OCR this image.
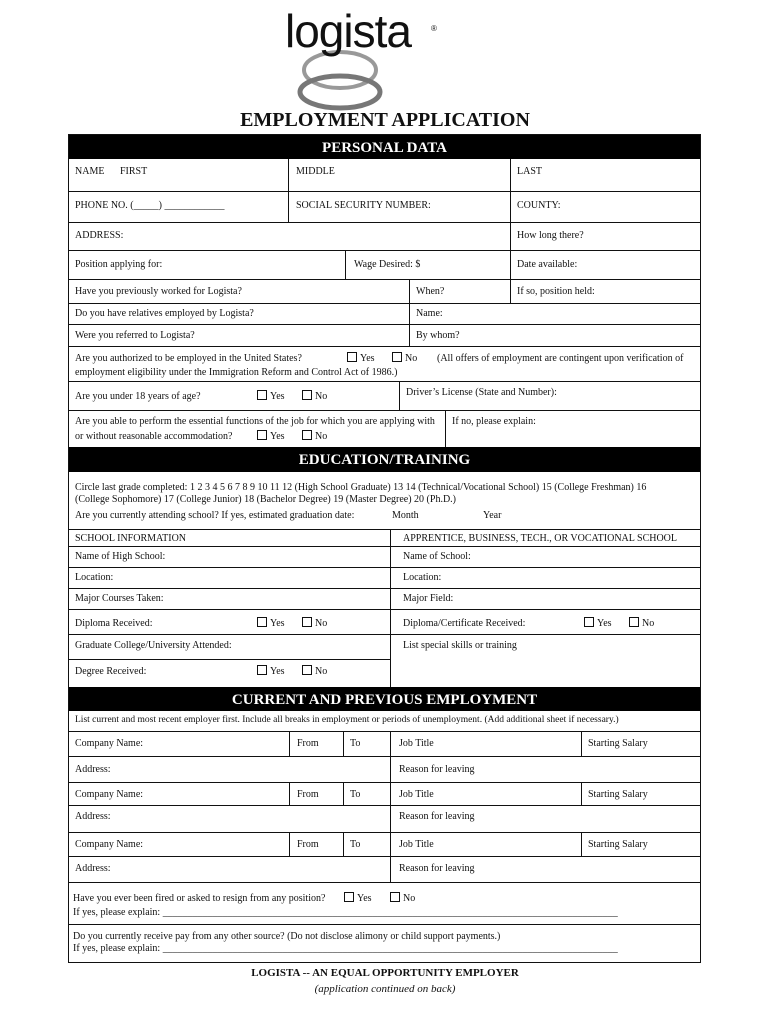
logista	®
EMPLOYMENT APPLICATION
PERSONAL DATA
NAME FIRST	MIDDLE	LAST
PHONE NO. (_____) ____________	SOCIAL SECURITY NUMBER:	COUNTY:
ADDRESS:	How long there?
Position applying for:	Wage Desired: $	Date available:
Have you previously worked for Logista?	When?	If so, position held:
Do you have relatives employed by Logista?	Name:
Were you referred to Logista?	By whom?
Are you authorized to be employed in the United States?	Yes	No (All offers of employment are contingent upon verification of
employment eligibility under the Immigration Reform and Control Act of 1986.)
Are you under 18 years of age?	Yes	No	Driver’s License (State and Number):
Are you able to perform the essential functions of the job for which you are applying with
or without reasonable accommodation?	Yes	No
If no, please explain:
EDUCATION/TRAINING
Circle last grade completed: 1 2 3 4 5 6 7 8 9 10 11 12 (High School Graduate) 13 14 (Technical/Vocational School) 15 (College Freshman) 16
(College Sophomore) 17 (College Junior) 18 (Bachelor Degree) 19 (Master Degree) 20 (Ph.D.)
Are you currently attending school? If yes, estimated graduation date:	Month	Year
SCHOOL INFORMATION	APPRENTICE, BUSINESS, TECH., OR VOCATIONAL SCHOOL
Name of High School:	Name of School:
Location:	Location:
Major Courses Taken:	Major Field:
Diploma Received:	Yes	No	Diploma/Certificate Received:	Yes	No
Graduate College/University Attended:
Degree Received:	Yes	No
List special skills or training
CURRENT AND PREVIOUS EMPLOYMENT
List current and most recent employer first. Include all breaks in employment or periods of unemployment. (Add additional sheet if necessary.)
Company Name:	From	To	Job Title	Starting Salary
Address:	Reason for leaving
Company Name:	From	To	Job Title	Starting Salary
Address:	Reason for leaving
Company Name:	From	To	Job Title	Starting Salary
Address:	Reason for leaving
Have you ever been fired or asked to resign from any position?	Yes	No
If yes, please explain: ___________________________________________________________________________________________
Do you currently receive pay from any other source? (Do not disclose alimony or child support payments.)
If yes, please explain: ___________________________________________________________________________________________
LOGISTA -- AN EQUAL OPPORTUNITY EMPLOYER
(application continued on back)
